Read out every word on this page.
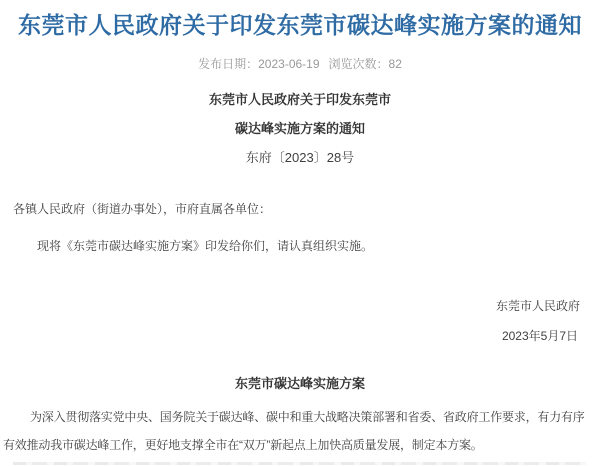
东莞市人民政府关于印发东莞市碳达峰实施方案的通知
发布日期：2023-06-19 浏览次数：82
东莞市人民政府关于印发东莞市
碳达峰实施方案的通知
东府〔2023〕28号
各镇人民政府（街道办事处），市府直属各单位：
现将《东莞市碳达峰实施方案》印发给你们，请认真组织实施。
东莞市人民政府
2023年5月7日
东莞市碳达峰实施方案
为深入贯彻落实党中央、国务院关于碳达峰、碳中和重大战略决策部署和省委、省政府工作要求，有力有序有效推动我市碳达峰工作，更好地支撑全市在“双万”新起点上加快高质量发展，制定本方案。
